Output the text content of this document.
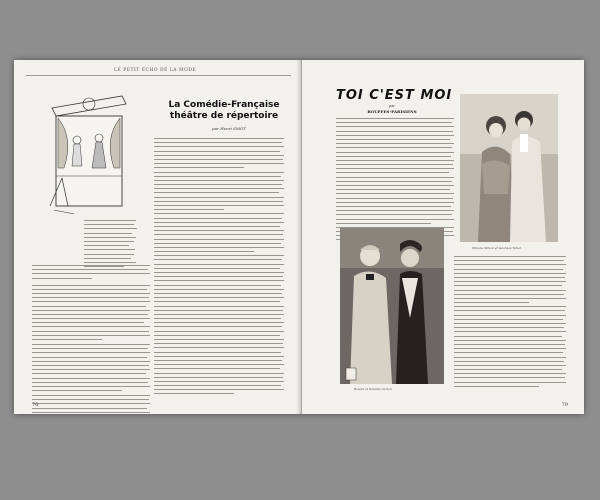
LE PETIT ÉCHO DE LA MODE
La Comédie-Française théâtre de répertoire
par Henri SMOT
76
TOI C'EST MOI
par
BOUFFES-PARISIENS
Simone Simon et Georges Tabet
Bowen et Pauline Carton
79
